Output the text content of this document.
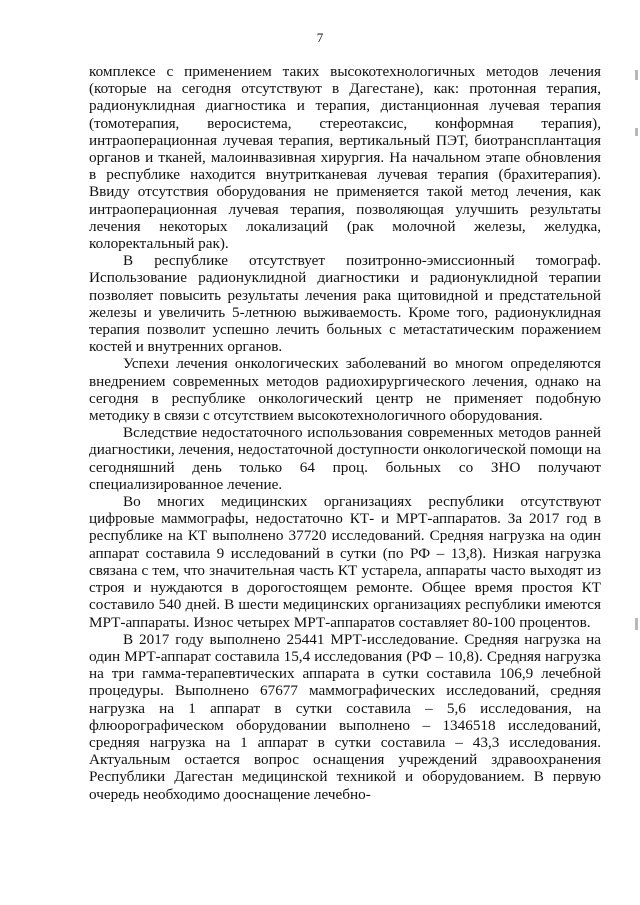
7

комплексе с применением таких высокотехнологичных методов лечения (которые на сегодня отсутствуют в Дагестане), как: протонная терапия, радионуклидная диагностика и терапия, дистанционная лучевая терапия (томотерапия, веросистема, стереотаксис, конформная терапия), интраоперационная лучевая терапия, вертикальный ПЭТ, биотрансплантация органов и тканей, малоинвазивная хирургия. На начальном этапе обновления в республике находится внутритканевая лучевая терапия (брахитерапия). Ввиду отсутствия оборудования не применяется такой метод лечения, как интраоперационная лучевая терапия, позволяющая улучшить результаты лечения некоторых локализаций (рак молочной железы, желудка, колоректальный рак).

В республике отсутствует позитронно-эмиссионный томограф. Использование радионуклидной диагностики и радионуклидной терапии позволяет повысить результаты лечения рака щитовидной и предстательной железы и увеличить 5-летнюю выживаемость. Кроме того, радионуклидная терапия позволит успешно лечить больных с метастатическим поражением костей и внутренних органов.

Успехи лечения онкологических заболеваний во многом определяются внедрением современных методов радиохирургического лечения, однако на сегодня в республике онкологический центр не применяет подобную методику в связи с отсутствием высокотехнологичного оборудования.

Вследствие недостаточного использования современных методов ранней диагностики, лечения, недостаточной доступности онкологической помощи на сегодняшний день только 64 проц. больных со ЗНО получают специализированное лечение.

Во многих медицинских организациях республики отсутствуют цифровые маммографы, недостаточно КТ- и МРТ-аппаратов. За 2017 год в республике на КТ выполнено 37720 исследований. Средняя нагрузка на один аппарат составила 9 исследований в сутки (по РФ – 13,8). Низкая нагрузка связана с тем, что значительная часть КТ устарела, аппараты часто выходят из строя и нуждаются в дорогостоящем ремонте. Общее время простоя КТ составило 540 дней. В шести медицинских организациях республики имеются МРТ-аппараты. Износ четырех МРТ-аппаратов составляет 80-100 процентов.

В 2017 году выполнено 25441 МРТ-исследование. Средняя нагрузка на один МРТ-аппарат составила 15,4 исследования (РФ – 10,8). Средняя нагрузка на три гамма-терапевтических аппарата в сутки составила 106,9 лечебной процедуры. Выполнено 67677 маммографических исследований, средняя нагрузка на 1 аппарат в сутки составила – 5,6 исследования, на флюорографическом оборудовании выполнено – 1346518 исследований, средняя нагрузка на 1 аппарат в сутки составила – 43,3 исследования. Актуальным остается вопрос оснащения учреждений здравоохранения Республики Дагестан медицинской техникой и оборудованием. В первую очередь необходимо дооснащение лечебно-
